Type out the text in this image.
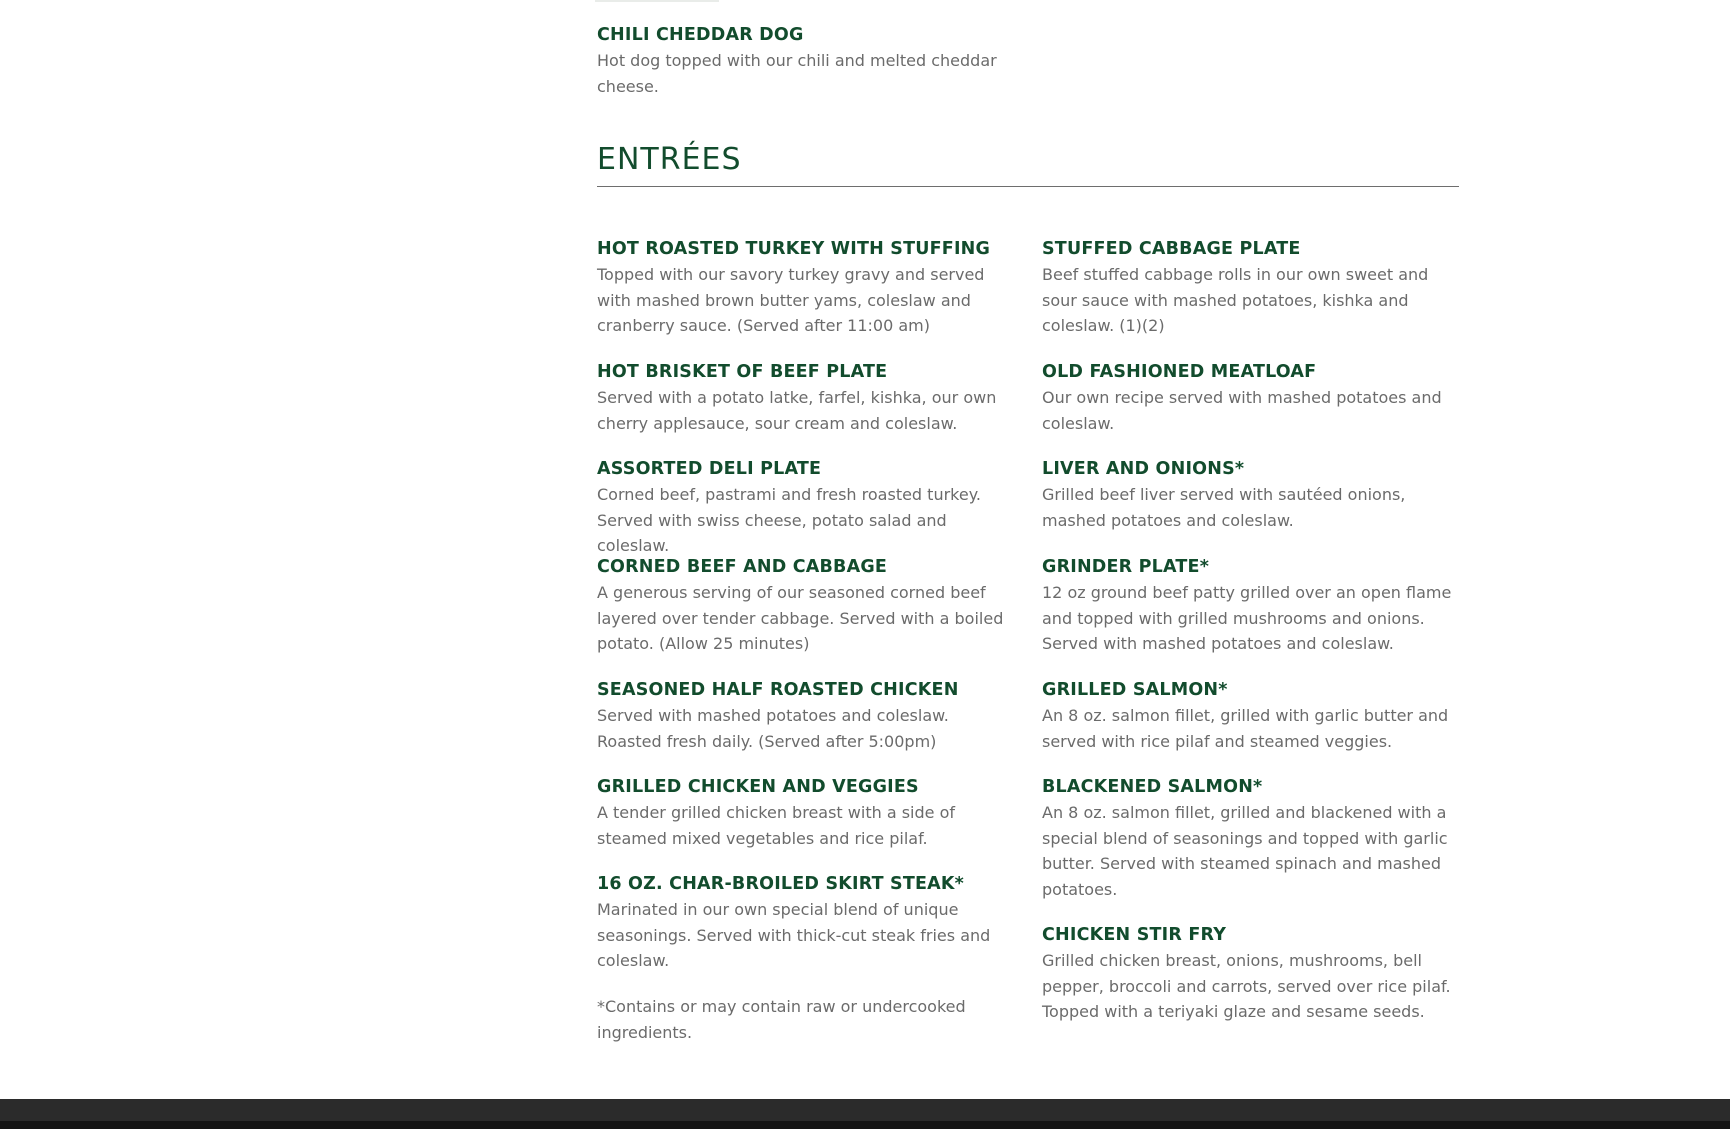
CHILI CHEDDAR DOG

Hot dog topped with our chili and melted cheddar cheese.

ENTRÉES

HOT ROASTED TURKEY WITH STUFFING

Topped with our savory turkey gravy and served with mashed brown butter yams, coleslaw and cranberry sauce. (Served after 11:00 am)

HOT BRISKET OF BEEF PLATE

Served with a potato latke, farfel, kishka, our own cherry applesauce, sour cream and coleslaw.

ASSORTED DELI PLATE

Corned beef, pastrami and fresh roasted turkey. Served with swiss cheese, potato salad and coleslaw.

CORNED BEEF AND CABBAGE

A generous serving of our seasoned corned beef layered over tender cabbage. Served with a boiled potato. (Allow 25 minutes)

SEASONED HALF ROASTED CHICKEN

Served with mashed potatoes and coleslaw. Roasted fresh daily. (Served after 5:00pm)

GRILLED CHICKEN AND VEGGIES

A tender grilled chicken breast with a side of steamed mixed vegetables and rice pilaf.

16 OZ. CHAR-BROILED SKIRT STEAK*

Marinated in our own special blend of unique seasonings. Served with thick-cut steak fries and coleslaw.

*Contains or may contain raw or undercooked ingredients.

STUFFED CABBAGE PLATE

Beef stuffed cabbage rolls in our own sweet and sour sauce with mashed potatoes, kishka and coleslaw. (1)(2)

OLD FASHIONED MEATLOAF

Our own recipe served with mashed potatoes and coleslaw.

LIVER AND ONIONS*

Grilled beef liver served with sautéed onions, mashed potatoes and coleslaw.

GRINDER PLATE*

12 oz ground beef patty grilled over an open flame and topped with grilled mushrooms and onions. Served with mashed potatoes and coleslaw.

GRILLED SALMON*

An 8 oz. salmon fillet, grilled with garlic butter and served with rice pilaf and steamed veggies.

BLACKENED SALMON*

An 8 oz. salmon fillet, grilled and blackened with a special blend of seasonings and topped with garlic butter. Served with steamed spinach and mashed potatoes.

CHICKEN STIR FRY

Grilled chicken breast, onions, mushrooms, bell pepper, broccoli and carrots, served over rice pilaf. Topped with a teriyaki glaze and sesame seeds.
